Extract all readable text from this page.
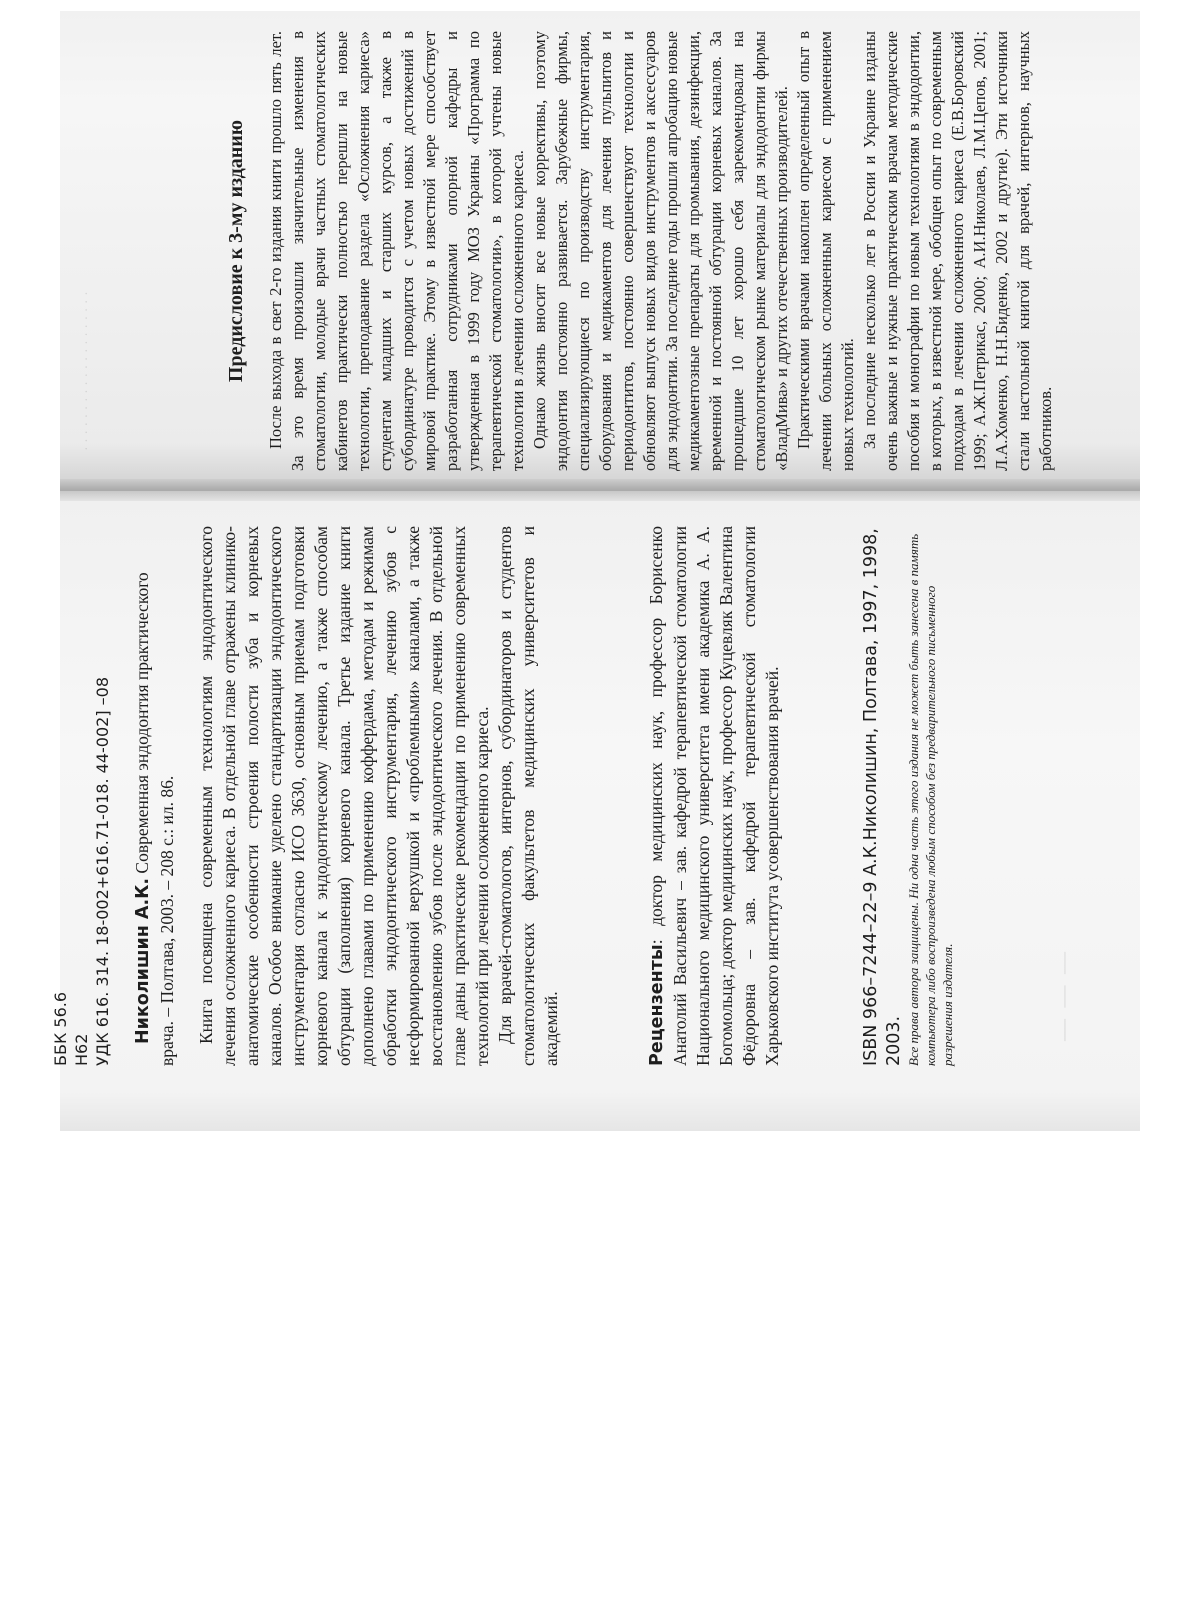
— — —
· · · · · · · · · · · · · · · · · · · ·
ББК 56.6 Н62 УДК 616. 314. 18-002+616.71-018. 44-002] –08 Николишин А.К. Современная эндодонтия практического врача. – Полтава, 2003. – 208 с.: ил. 86. Книга посвящена современным технологиям эндодонтического лечения осложненного кариеса. В отдельной главе отражены клинико-анатомические особенности строения полости зуба и корневых каналов. Особое внимание уделено стандартизации эндодонтического инструментария согласно ИСО 3630, основным приемам подготовки корневого канала к эндодонтическому лечению, а также способам обтурации (заполнения) корневого канала. Третье издание книги дополнено главами по применению коффердама, методам и режимам обработки эндодонтического инструментария, лечению зубов с несформированной верхушкой и «проблемными» каналами, а также восстановлению зубов после эндодонтического лечения. В отдельной главе даны практические рекомендации по применению современных технологий при лечении осложненного кариеса. Для врачей-стоматологов, интернов, субординаторов и студентов стоматологических факультетов медицинских университетов и академий.	Рецензенты: доктор медицинских наук, профессор Борисенко Анатолий Васильевич – зав. кафедрой терапевтической стоматологии Национального медицинского университета имени академика А. А. Богомольца; доктор медицинских наук, профессор Куцевляк Валентина Фёдоровна – зав. кафедрой терапевтической стоматологии Харьковского института усовершенствования врачей.	ISBN 966–7244–22–9 А.К.Николишин, Полтава, 1997, 1998, 2003. Все права автора защищены. Ни одна часть этого издания не может быть занесена в память компьютера либо воспроизведена любым способом без предварительного письменного разрешения издателя.
Предисловие к 3-му изданию После выхода в свет 2-го издания книги прошло пять лет. За это время произошли значительные изменения в стоматологии, молодые врачи частных стоматологических кабинетов практически полностью перешли на новые технологии, преподавание раздела «Осложнения кариеса» студентам младших и старших курсов, а также в субординатуре проводится с учетом новых достижений в мировой практике. Этому в известной мере способствует разработанная сотрудниками опорной кафедры и утвержденная в 1999 году МОЗ Украины «Программа по терапевтической стоматологии», в которой учтены новые технологии в лечении осложненного кариеса. Однако жизнь вносит все новые коррективы, поэтому эндодонтия постоянно развивается. Зарубежные фирмы, специализирующиеся по производству инструментария, оборудования и медикаментов для лечения пульпитов и периодонтитов, постоянно совершенствуют технологии и обновляют выпуск новых видов инструментов и аксессуаров для эндодонтии. За последние годы прошли апробацию новые медикаментозные препараты для промывания, дезинфекции, временной и постоянной обтурации корневых каналов. За прошедшие 10 лет хорошо себя зарекомендовали на стоматологическом рынке материалы для эндодонтии фирмы «ВладМива» и других отечественных производителей. Практическими врачами накоплен определенный опыт в лечении больных осложненным кариесом с применением новых технологий. За последние несколько лет в России и Украине изданы очень важные и нужные практическим врачам методические пособия и монографии по новым технологиям в эндодонтии, в которых, в известной мере, обобщен опыт по современным подходам в лечении осложненного кариеса (Е.В.Боровский 1999; А.Ж.Петрикас, 2000; А.И.Николаев, Л.М.Цепов, 2001; Л.А.Хоменко, Н.Н.Биденко, 2002 и другие). Эти источники стали настольной книгой для врачей, интернов, научных работников.
